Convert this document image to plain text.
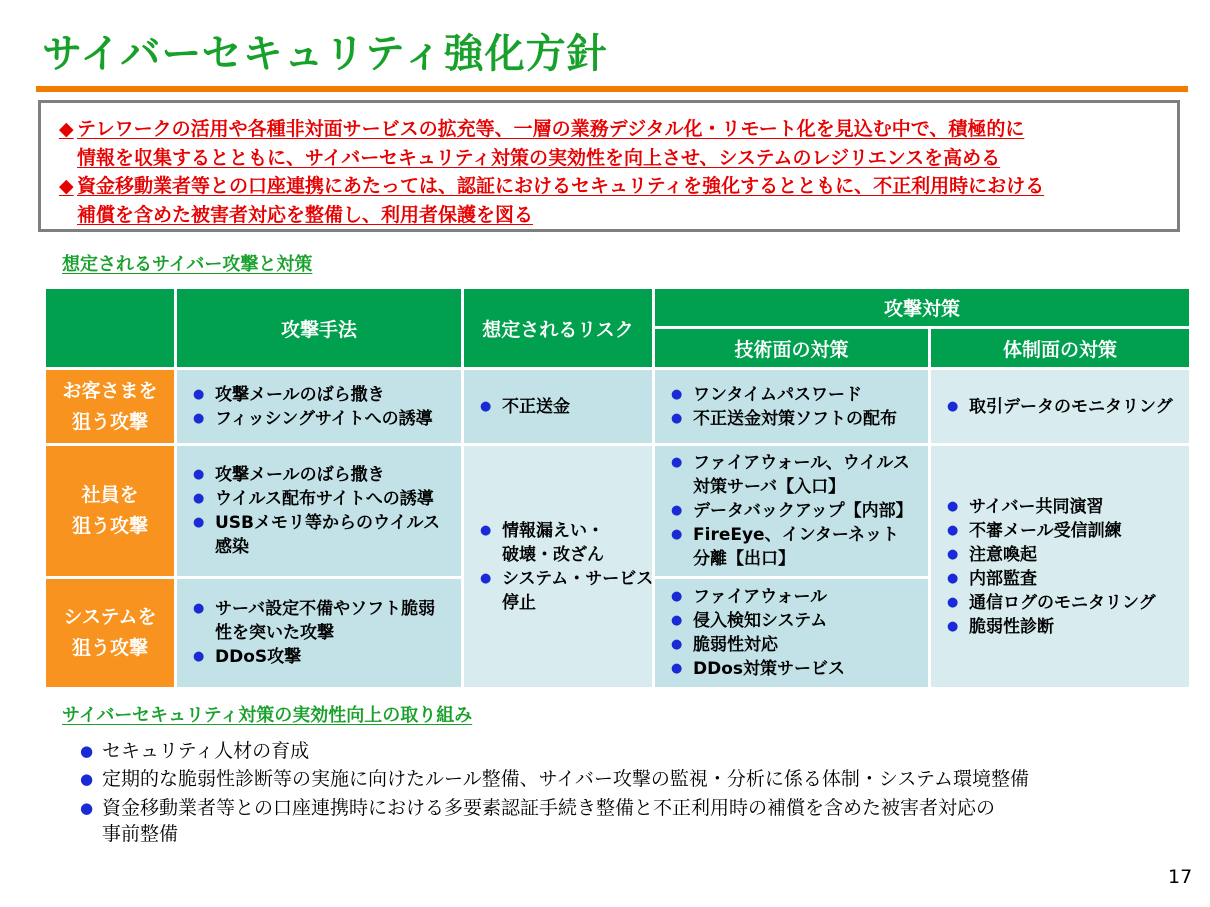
サイバーセキュリティ強化方針
◆ テレワークの活用や各種非対面サービスの拡充等、一層の業務デジタル化・リモート化を見込む中で、積極的に
情報を収集するとともに、サイバーセキュリティ対策の実効性を向上させ、システムのレジリエンスを高める
◆ 資金移動業者等との口座連携にあたっては、認証におけるセキュリティを強化するとともに、不正利用時における
補償を含めた被害者対応を整備し、利用者保護を図る
想定されるサイバー攻撃と対策
攻撃手法	想定されるリスク
攻撃対策
技術面の対策	体制面の対策
お客さまを
狙う攻撃
● 攻撃メールのばら撒き
● フィッシングサイトへの誘導
● 不正送金
● ワンタイムパスワード
● 不正送金対策ソフトの配布
● 取引データのモニタリング
社員を
狙う攻撃
● 攻撃メールのばら撒き
● ウイルス配布サイトへの誘導
● USBメモリ等からのウイルス
感染
● ファイアウォール、ウイルス
対策サーバ【入口】
● データバックアップ【内部】
● FireEye、インターネット
分離【出口】
● 情報漏えい・
破壊・改ざん
● システム・サービス
停止
● サイバー共同演習
● 不審メール受信訓練
● 注意喚起
● 内部監査
● 通信ログのモニタリング
● 脆弱性診断
システムを
狙う攻撃
● サーバ設定不備やソフト脆弱
性を突いた攻撃
● DDoS攻撃
● ファイアウォール
● 侵入検知システム
● 脆弱性対応
● DDos対策サービス
サイバーセキュリティ対策の実効性向上の取り組み
● セキュリティ人材の育成
● 定期的な脆弱性診断等の実施に向けたルール整備、サイバー攻撃の監視・分析に係る体制・システム環境整備
● 資金移動業者等との口座連携時における多要素認証手続き整備と不正利用時の補償を含めた被害者対応の
事前整備
17
